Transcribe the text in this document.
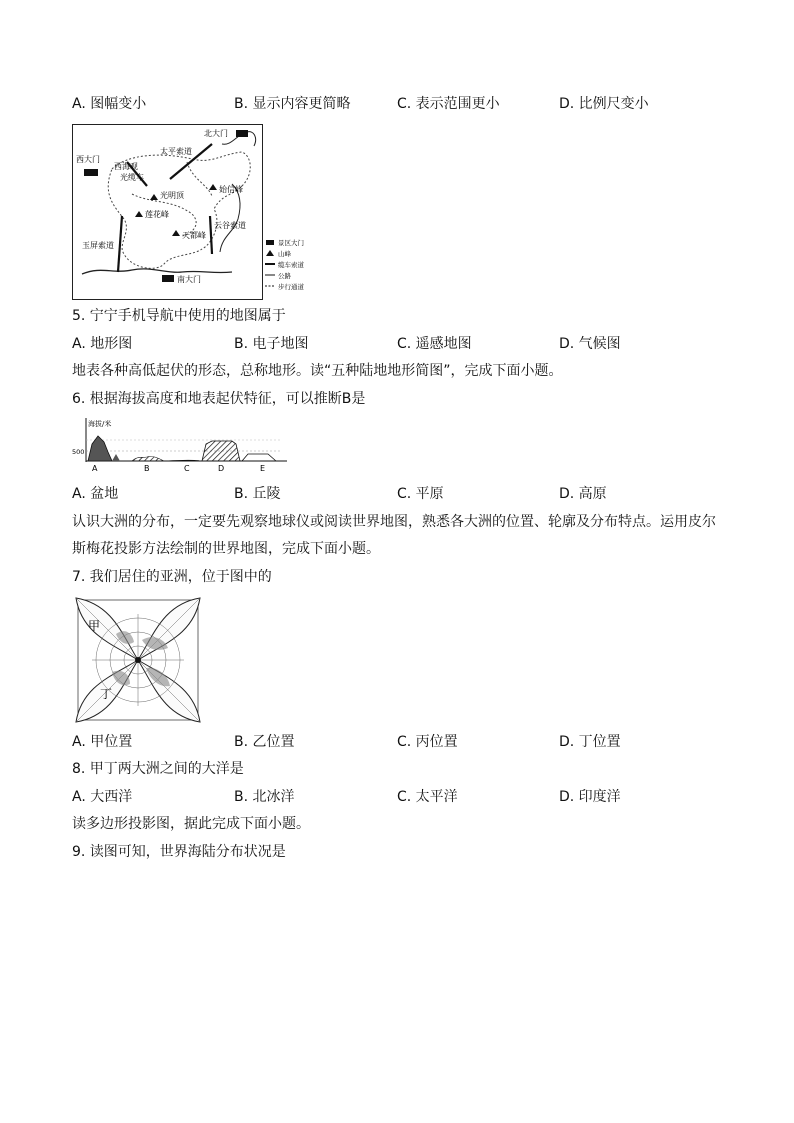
A. 图幅变小	B. 显示内容更简略	C. 表示范围更小	D. 比例尺变小
北大门
西大门
太平索道
西海观
光缆车
光明顶
始信峰
莲花峰
云谷索道
玉屏索道
天都峰
南大门
景区大门
山峰
缆车索道
公路
步行通道
5. 宁宁手机导航中使用的地图属于
A. 地形图	B. 电子地图	C. 遥感地图	D. 气候图
地表各种高低起伏的形态，总称地形。读“五种陆地地形简图”，完成下面小题。
6. 根据海拔高度和地表起伏特征，可以推断B是
海拔/米
500
A	B	C	D	E
A. 盆地	B. 丘陵	C. 平原	D. 高原
认识大洲的分布，一定要先观察地球仪或阅读世界地图，熟悉各大洲的位置、轮廓及分布特点。运用皮尔
斯梅花投影方法绘制的世界地图，完成下面小题。
7. 我们居住的亚洲，位于图中的
甲
丁
A. 甲位置	B. 乙位置	C. 丙位置	D. 丁位置
8. 甲丁两大洲之间的大洋是
A. 大西洋	B. 北冰洋	C. 太平洋	D. 印度洋
读多边形投影图，据此完成下面小题。
9. 读图可知，世界海陆分布状况是
